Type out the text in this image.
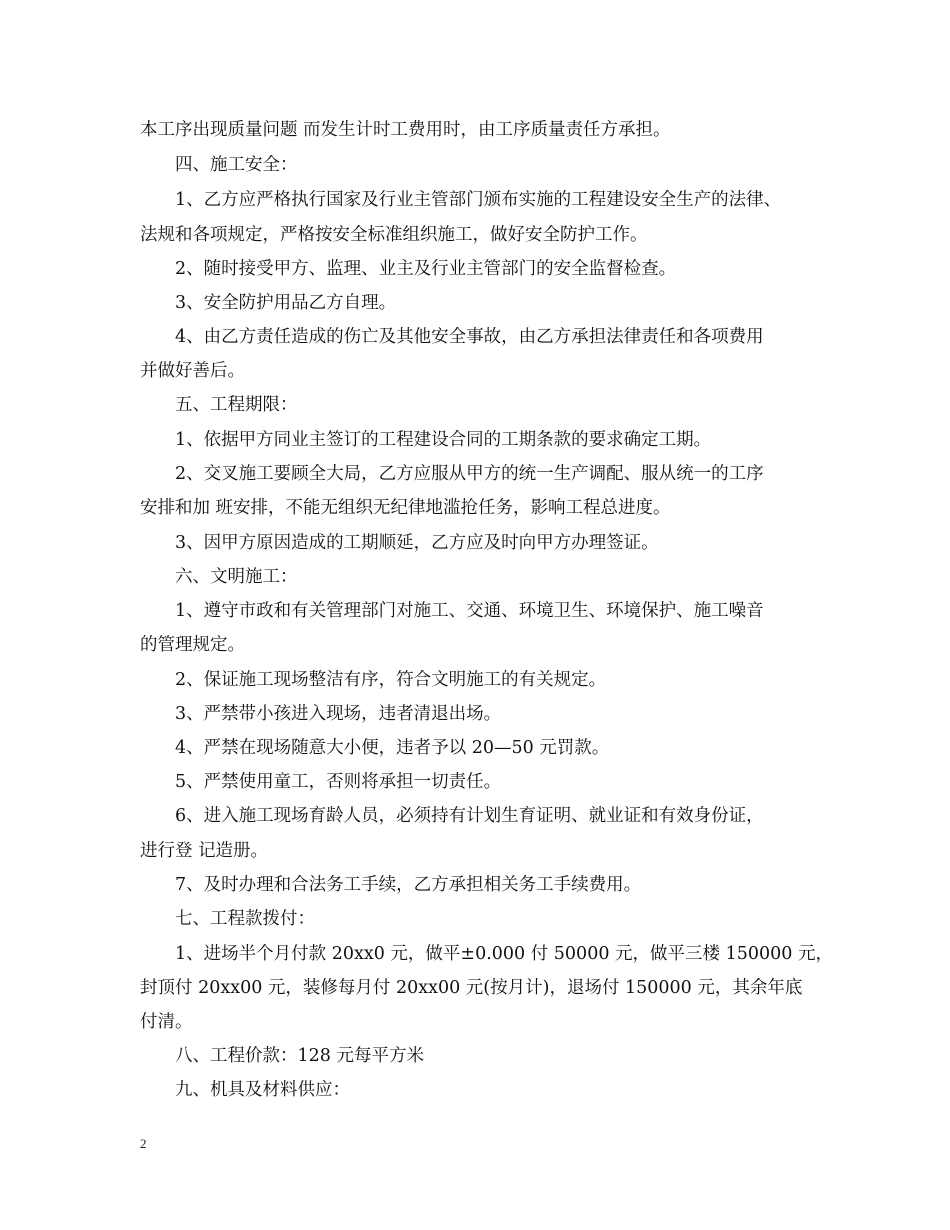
本工序出现质量问题 而发生计时工费用时，由工序质量责任方承担。
四、施工安全：
1、乙方应严格执行国家及行业主管部门颁布实施的工程建设安全生产的法律、
法规和各项规定，严格按安全标准组织施工，做好安全防护工作。
2、随时接受甲方、监理、业主及行业主管部门的安全监督检查。
3、安全防护用品乙方自理。
4、由乙方责任造成的伤亡及其他安全事故，由乙方承担法律责任和各项费用
并做好善后。
五、工程期限：
1、依据甲方同业主签订的工程建设合同的工期条款的要求确定工期。
2、交叉施工要顾全大局，乙方应服从甲方的统一生产调配、服从统一的工序
安排和加 班安排，不能无组织无纪律地滥抢任务，影响工程总进度。
3、因甲方原因造成的工期顺延，乙方应及时向甲方办理签证。
六、文明施工：
1、遵守市政和有关管理部门对施工、交通、环境卫生、环境保护、施工噪音
的管理规定。
2、保证施工现场整洁有序，符合文明施工的有关规定。
3、严禁带小孩进入现场，违者清退出场。
4、严禁在现场随意大小便，违者予以 20—50 元罚款。
5、严禁使用童工，否则将承担一切责任。
6、进入施工现场育龄人员，必须持有计划生育证明、就业证和有效身份证，
进行登 记造册。
7、及时办理和合法务工手续，乙方承担相关务工手续费用。
七、工程款拨付：
1、进场半个月付款 20xx0 元，做平±0.000 付 50000 元，做平三楼 150000 元，
封顶付 20xx00 元，装修每月付 20xx00 元(按月计)，退场付 150000 元，其余年底
付清。
八、工程价款：128 元每平方米
九、机具及材料供应：
2
